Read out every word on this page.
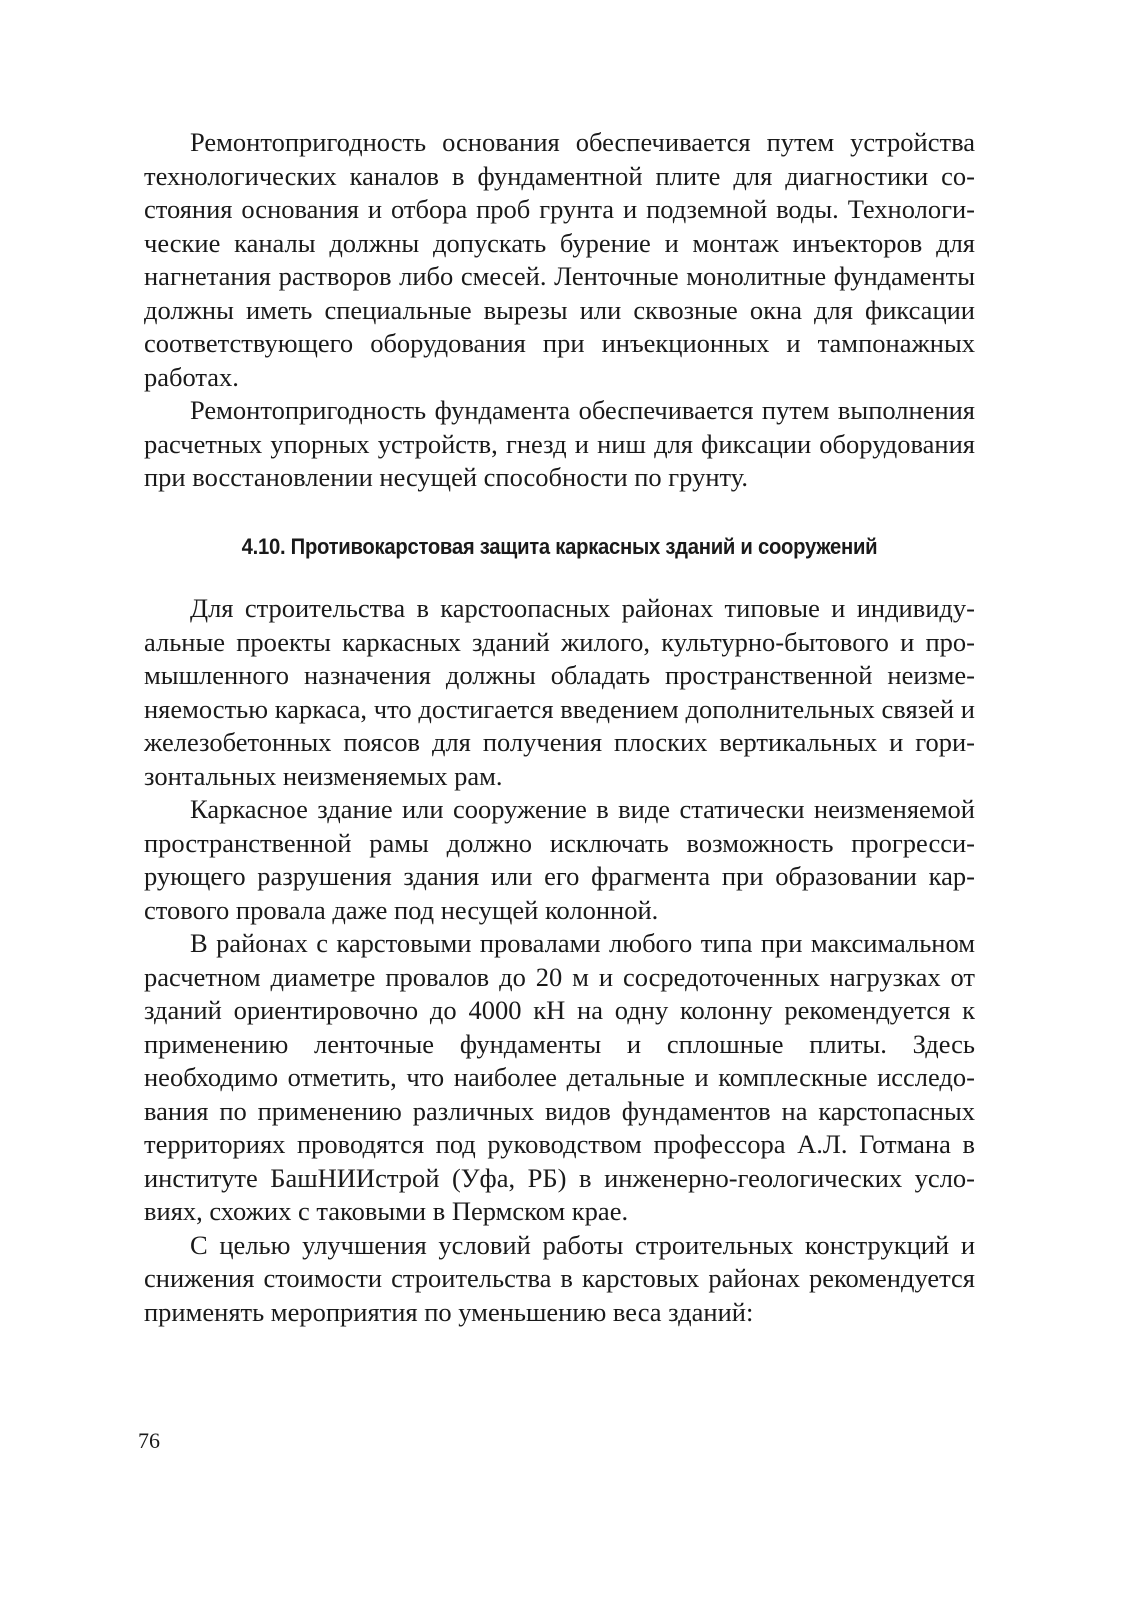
Ремонтопригодность основания обеспечивается путем устройства технологических каналов в фундаментной плите для диагностики состояния основания и отбора проб грунта и подземной воды. Технологические каналы должны допускать бурение и монтаж инъекторов для нагнетания растворов либо смесей. Ленточные монолитные фундаменты должны иметь специальные вырезы или сквозные окна для фиксации соответствующего оборудования при инъекционных и тампонажных работах.

Ремонтопригодность фундамента обеспечивается путем выполнения расчетных упорных устройств, гнезд и ниш для фиксации оборудования при восстановлении несущей способности по грунту.

4.10. Противокарстовая защита каркасных зданий и сооружений

Для строительства в карстоопасных районах типовые и индивидуальные проекты каркасных зданий жилого, культурно-бытового и промышленного назначения должны обладать пространственной неизменяемостью каркаса, что достигается введением дополнительных связей и железобетонных поясов для получения плоских вертикальных и горизонтальных неизменяемых рам.

Каркасное здание или сооружение в виде статически неизменяемой пространственной рамы должно исключать возможность прогрессирующего разрушения здания или его фрагмента при образовании карстового провала даже под несущей колонной.

В районах с карстовыми провалами любого типа при максимальном расчетном диаметре провалов до 20 м и сосредоточенных нагрузках от зданий ориентировочно до 4000 кН на одну колонну рекомендуется к применению ленточные фундаменты и сплошные плиты. Здесь необходимо отметить, что наиболее детальные и комплескные исследования по применению различных видов фундаментов на карстопасных территориях проводятся под руководством профессора А.Л. Готмана в институте БашНИИстрой (Уфа, РБ) в инженерно-геологических условиях, схожих с таковыми в Пермском крае.

С целью улучшения условий работы строительных конструкций и снижения стоимости строительства в карстовых районах рекомендуется применять мероприятия по уменьшению веса зданий:

76
